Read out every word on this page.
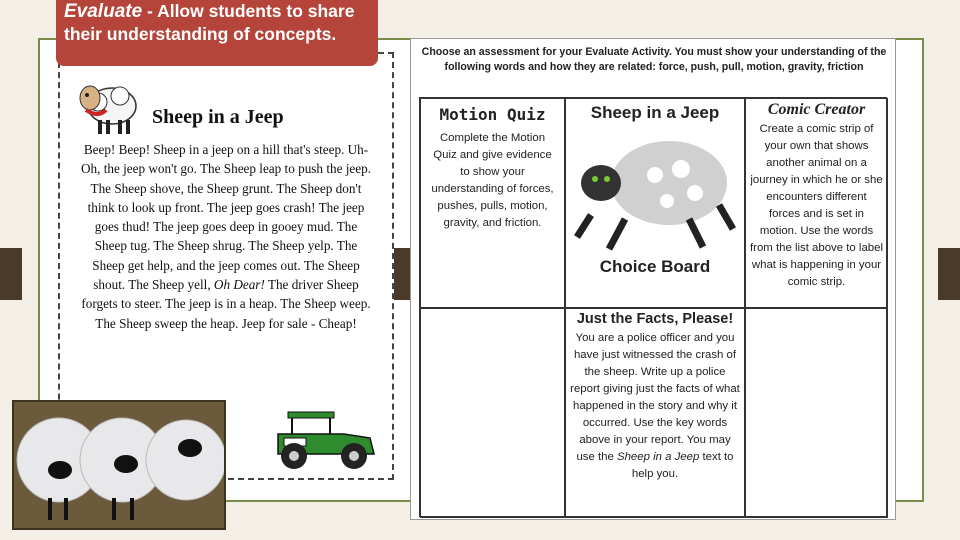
Evaluate - Allow students to share their understanding of concepts.
Sheep in a Jeep
Beep! Beep! Sheep in a jeep on a hill that's steep. Uh-Oh, the jeep won't go. The Sheep leap to push the jeep. The Sheep shove, the Sheep grunt. The Sheep don't think to look up front. The jeep goes crash! The jeep goes thud! The jeep goes deep in gooey mud. The Sheep tug. The Sheep shrug. The Sheep yelp. The Sheep get help, and the jeep comes out. The Sheep shout. The Sheep yell, Oh Dear! The driver Sheep forgets to steer. The jeep is in a heap. The Sheep weep. The Sheep sweep the heap. Jeep for sale - Cheap!
Choose an assessment for your Evaluate Activity. You must show your understanding of the following words and how they are related: force, push, pull, motion, gravity, friction
Motion Quiz
Complete the Motion Quiz and give evidence to show your understanding of forces, pushes, pulls, motion, gravity, and friction.
Sheep in a Jeep
Choice Board
Comic Creator
Create a comic strip of your own that shows another animal on a journey in which he or she encounters different forces and is set in motion. Use the words from the list above to label what is happening in your comic strip.
Just the Facts, Please!
You are a police officer and you have just witnessed the crash of the sheep. Write up a police report giving just the facts of what happened in the story and why it occurred. Use the key words above in your report. You may use the Sheep in a Jeep text to help you.
